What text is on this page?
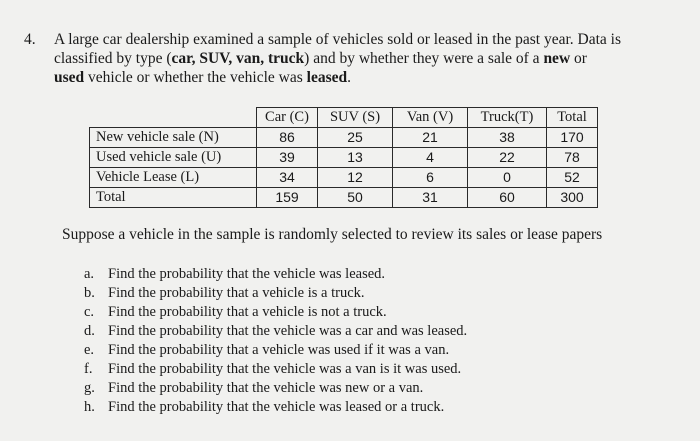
4. A large car dealership examined a sample of vehicles sold or leased in the past year. Data is classified by type (car, SUV, van, truck) and by whether they were a sale of a new or
used vehicle or whether the vehicle was leased.
	Car (C)	SUV (S)	Van (V)	Truck(T)	Total
New vehicle sale (N)	86	25	21	38	170
Used vehicle sale (U)	39	13	4	22	78
Vehicle Lease (L)	34	12	6	0	52
Total	159	50	31	60	300
Suppose a vehicle in the sample is randomly selected to review its sales or lease papers
a. Find the probability that the vehicle was leased.
b. Find the probability that a vehicle is a truck.
c. Find the probability that a vehicle is not a truck.
d. Find the probability that the vehicle was a car and was leased.
e. Find the probability that a vehicle was used if it was a van.
f. Find the probability that the vehicle was a van is it was used.
g. Find the probability that the vehicle was new or a van.
h. Find the probability that the vehicle was leased or a truck.
